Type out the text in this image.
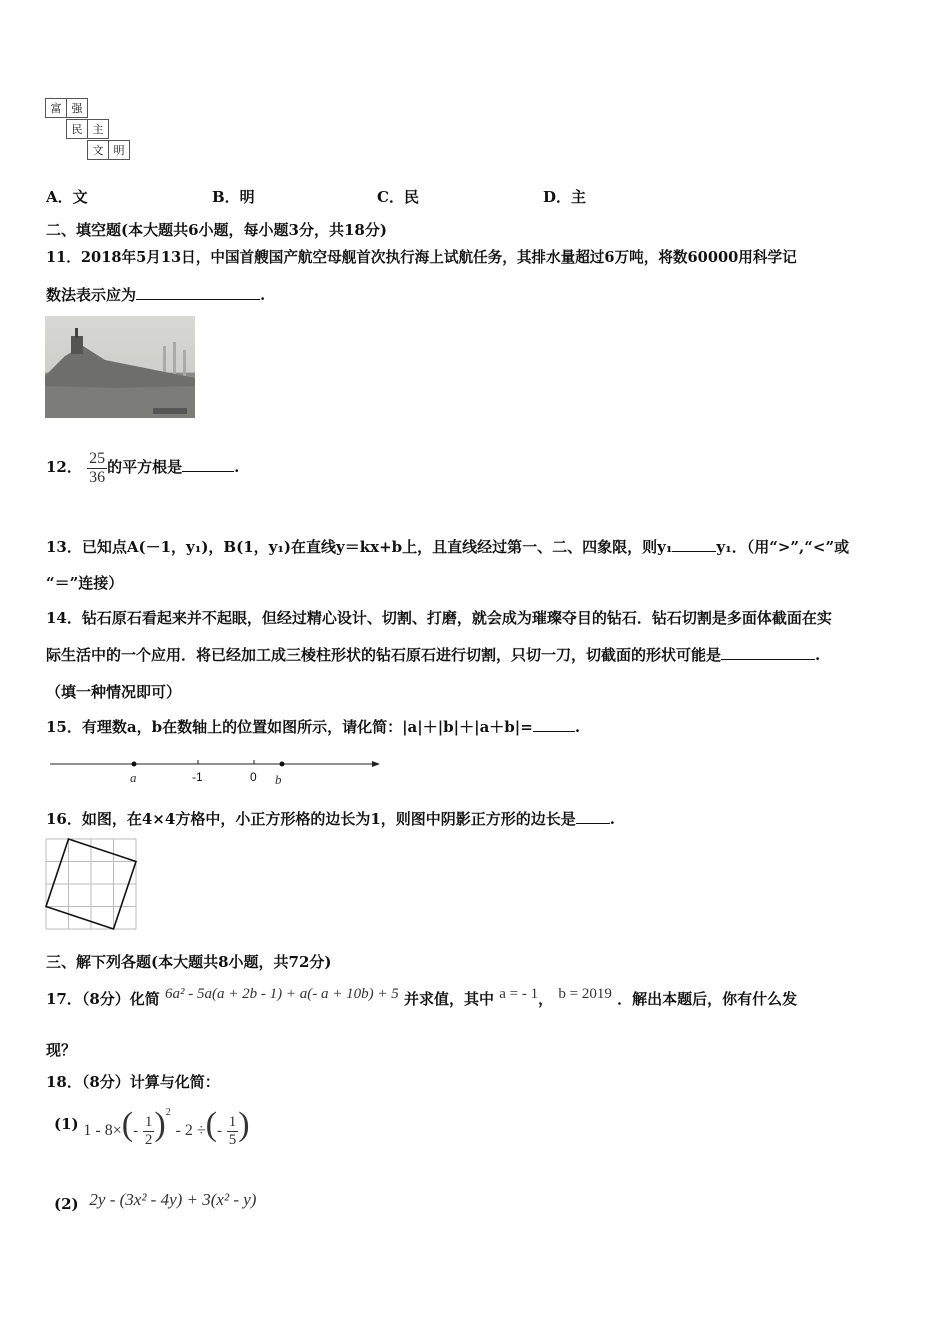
富 强
民 主
文 明
A．文	B．明	C．民	D．主
二、填空题(本大题共6小题，每小题3分，共18分)
11．2018年5月13日，中国首艘国产航空母舰首次执行海上试航任务，其排水量超过6万吨，将数60000用科学记
数法表示应为	.
12． $\frac{25}{36}$ 的平方根是	.
13．已知点A(－1，y₁)，B(1，y₁)在直线y＝kx+b上，且直线经过第一、二、四象限，则y₁	y₁．（用“>”,“<”或
“＝”连接）
14．钻石原石看起来并不起眼，但经过精心设计、切割、打磨，就会成为璀璨夺目的钻石．钻石切割是多面体截面在实
际生活中的一个应用．将已经加工成三棱柱形状的钻石原石进行切割，只切一刀，切截面的形状可能是	.
（填一种情况即可）
15．有理数a，b在数轴上的位置如图所示，请化简：|a|＋|b|＋|a＋b|=	.
a	-1	0 b
16．如图，在4×4方格中，小正方形格的边长为1，则图中阴影正方形的边长是 .
三、解下列各题(本大题共8小题，共72分)
17．（8分）化简 6a² - 5a(a + 2b - 1) + a(- a + 10b) + 5 并求值，其中 a = - 1， b = 2019 ．解出本题后，你有什么发
现？
18．（8分）计算与化简：
(1) $1 - 8\times(- \frac{1}{2} )^2 - 2$ ÷(- $\frac{1}{5}$ )
(2) 2y - (3x² - 4y) + 3(x² - y)
